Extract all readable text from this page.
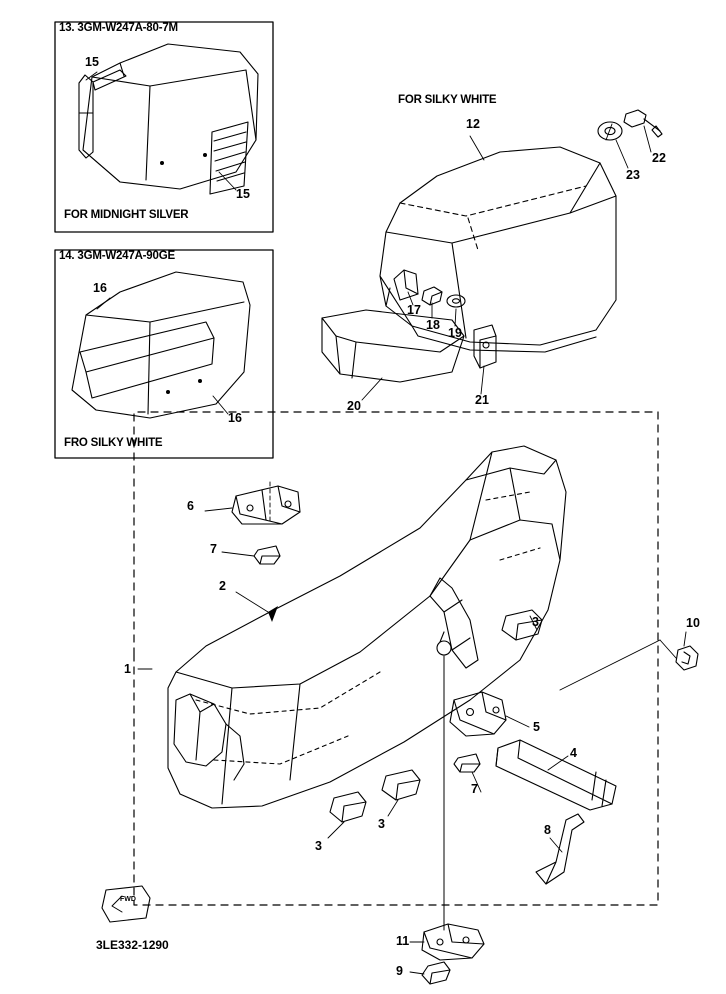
13. 3GM-W247A-80-7M
FOR MIDNIGHT SILVER
15
15
14. 3GM-W247A-90GE
FRO SILKY WHITE
16
16
FOR SILKY WHITE
1
2
3
3
3
4
5
6
7
7
8
9
10
11
12
17
18
19
20	21
22
23
FWD
3LE332-1290
